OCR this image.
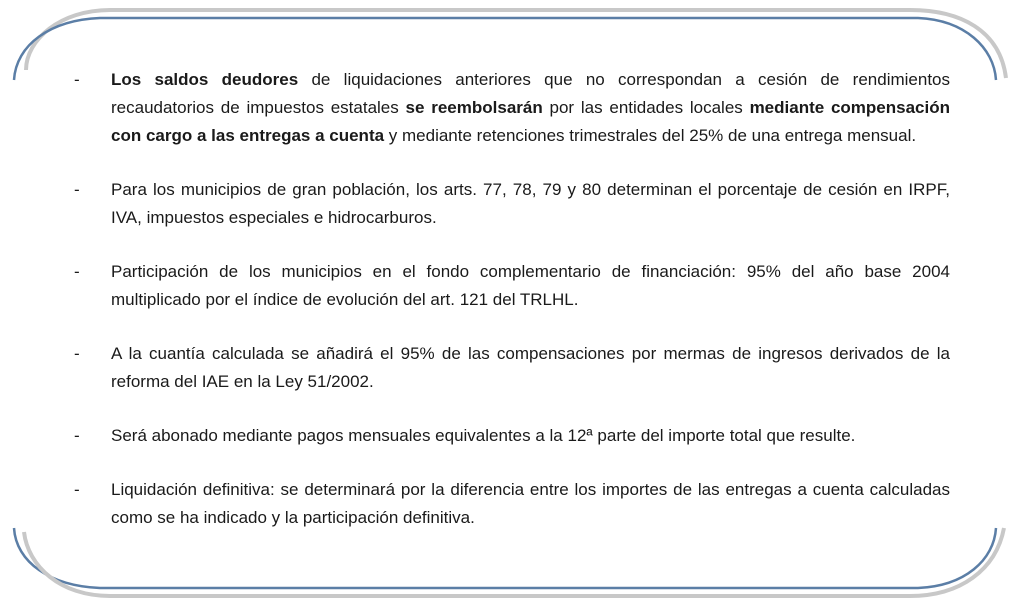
-	Los saldos deudores de liquidaciones anteriores que no correspondan a cesión de rendimientos recaudatorios de impuestos estatales se reembolsarán por las entidades locales mediante compensación con cargo a las entregas a cuenta y mediante retenciones trimestrales del 25% de una entrega mensual.
-	Para los municipios de gran población, los arts. 77, 78, 79 y 80 determinan el porcentaje de cesión en IRPF, IVA, impuestos especiales e hidrocarburos.
-	Participación de los municipios en el fondo complementario de financiación: 95% del año base 2004 multiplicado por el índice de evolución del art. 121 del TRLHL.
-	A la cuantía calculada se añadirá el 95% de las compensaciones por mermas de ingresos derivados de la reforma del IAE en la Ley 51/2002.
-	Será abonado mediante pagos mensuales equivalentes a la 12ª parte del importe total que resulte.
-	Liquidación definitiva: se determinará por la diferencia entre los importes de las entregas a cuenta calculadas como se ha indicado y la participación definitiva.
